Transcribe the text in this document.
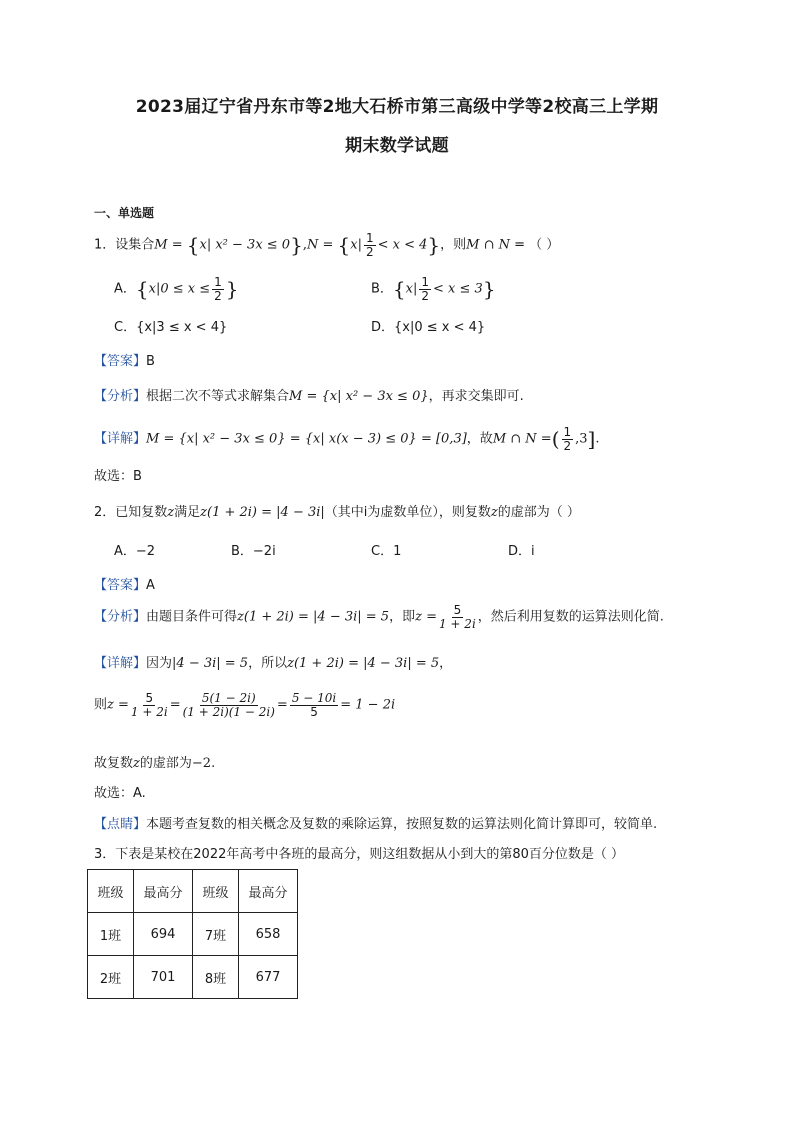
2023届辽宁省丹东市等2地大石桥市第三高级中学等2校高三上学期
期末数学试题
一、单选题
1．设集合M = {x| $x^2 - 3x \le 0\},N = \{x| \frac{1}{2} < x < 4\}$，则M ∩ N = （ ）
A．{$x|0 \le x \le \frac{1}{2}$ }	B．$\{x| \frac{1}{2} < x \le 3\}$
C．{x|3 ≤ x < 4}	D．{x|0 ≤ x < 4}
【答案】B
【分析】根据二次不等式求解集合M = {x| x² − 3x ≤ 0}，再求交集即可.
【详解】M = {x| x² − 3x ≤ 0} = {x| x(x − 3) ≤ 0} = [0,3]，故M ∩ N =( $\frac{1}{2} ,3$].
故选：B
2．已知复数z满足z(1 + 2i) = |4 − 3i|（其中i为虚数单位），则复数z的虚部为（ ）
A．−2	B．−2i	C．1	D．i
【答案】A
【分析】由题目条件可得z(1 + 2i) = |4 − 3i| = 5，即$z = \frac{5}{1 + 2i}$ ，然后利用复数的运算法则化简.
【详解】因为|4 − 3i| = 5，所以z(1 + 2i) = |4 − 3i| = 5，
则$z = \frac{5}{1 + 2i} = \frac{5(1 - 2i)}{(1 + 2i)(1 - 2i)} = \frac{5 - 10i}{5} = 1 - 2i$
故复数z的虚部为−2.
故选：A.
【点睛】本题考查复数的相关概念及复数的乘除运算，按照复数的运算法则化简计算即可，较简单.
3．下表是某校在2022年高考中各班的最高分，则这组数据从小到大的第80百分位数是（ ）
班级	最高分	班级	最高分
1班	694	7班	658
2班	701	8班	677
